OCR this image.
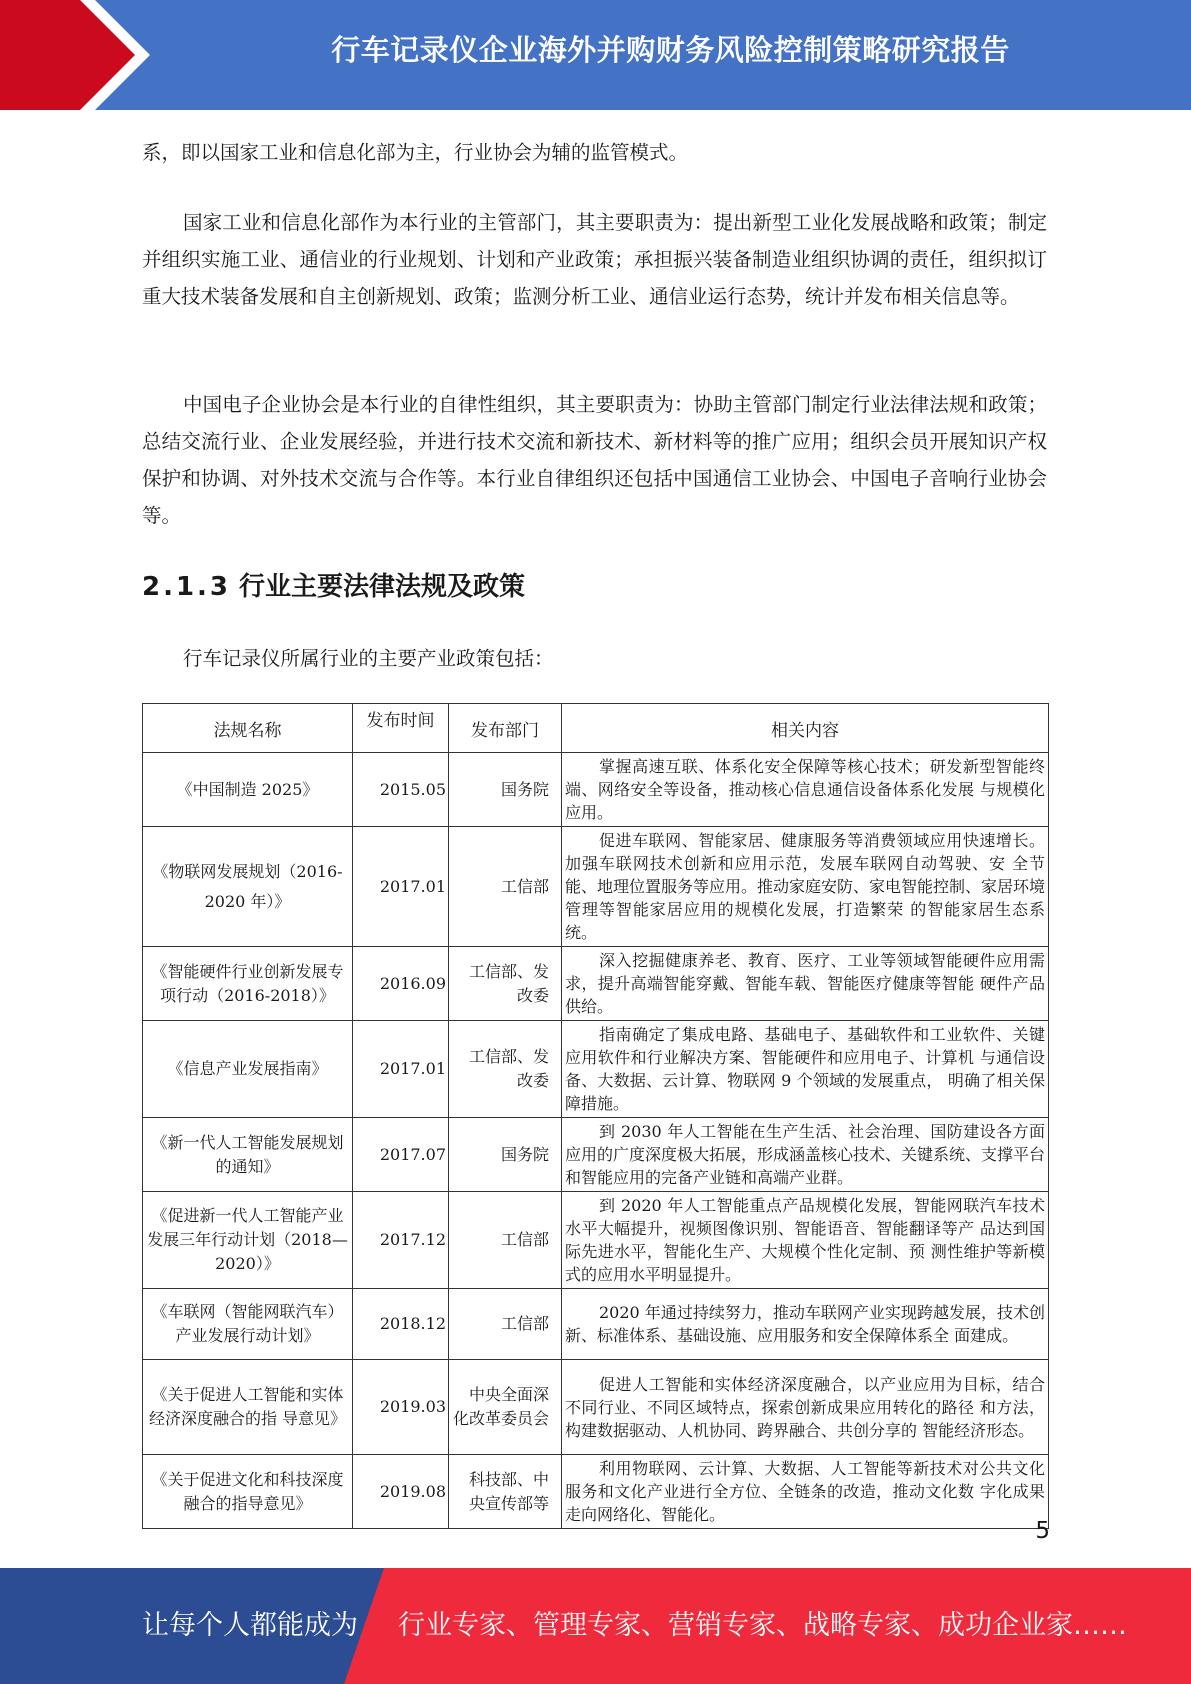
行车记录仪企业海外并购财务风险控制策略研究报告

系，即以国家工业和信息化部为主，行业协会为辅的监管模式。

国家工业和信息化部作为本行业的主管部门，其主要职责为：提出新型工业化发展战略和政策；制定并组织实施工业、通信业的行业规划、计划和产业政策；承担振兴装备制造业组织协调的责任，组织拟订重大技术装备发展和自主创新规划、政策；监测分析工业、通信业运行态势，统计并发布相关信息等。

中国电子企业协会是本行业的自律性组织，其主要职责为：协助主管部门制定行业法律法规和政策；总结交流行业、企业发展经验，并进行技术交流和新技术、新材料等的推广应用；组织会员开展知识产权保护和协调、对外技术交流与合作等。本行业自律组织还包括中国通信工业协会、中国电子音响行业协会等。

2.1.3 行业主要法律法规及政策

行车记录仪所属行业的主要产业政策包括：

法规名称	发布时间	发布部门	相关内容
《中国制造 2025》	2015.05	国务院	掌握高速互联、体系化安全保障等核心技术；研发新型智能终端、网络安全等设备，推动核心信息通信设备体系化发展 与规模化应用。
《物联网发展规划（2016-2020 年）》	2017.01	工信部	促进车联网、智能家居、健康服务等消费领域应用快速增长。 加强车联网技术创新和应用示范，发展车联网自动驾驶、安 全节能、地理位置服务等应用。推动家庭安防、家电智能控制、家居环境管理等智能家居应用的规模化发展，打造繁荣 的智能家居生态系统。
《智能硬件行业创新发展专项行动（2016-2018）》	2016.09	工信部、发 改委	深入挖掘健康养老、教育、医疗、工业等领域智能硬件应用需求，提升高端智能穿戴、智能车载、智能医疗健康等智能 硬件产品供给。
《信息产业发展指南》	2017.01	工信部、发 改委	指南确定了集成电路、基础电子、基础软件和工业软件、关键应用软件和行业解决方案、智能硬件和应用电子、计算机 与通信设备、大数据、云计算、物联网 9 个领域的发展重点， 明确了相关保障措施。
《新一代人工智能发展规划的通知》	2017.07	国务院	到 2030 年人工智能在生产生活、社会治理、国防建设各方面应用的广度深度极大拓展，形成涵盖核心技术、关键系统、支撑平台和智能应用的完备产业链和高端产业群。
《促进新一代人工智能产业发展三年行动计划（2018—2020）》	2017.12	工信部	到 2020 年人工智能重点产品规模化发展，智能网联汽车技术水平大幅提升，视频图像识别、智能语音、智能翻译等产 品达到国际先进水平，智能化生产、大规模个性化定制、预 测性维护等新模式的应用水平明显提升。
《车联网（智能网联汽车）产业发展行动计划》	2018.12	工信部	2020 年通过持续努力，推动车联网产业实现跨越发展，技术创新、标准体系、基础设施、应用服务和安全保障体系全 面建成。
《关于促进人工智能和实体经济深度融合的指 导意见》	2019.03	中央全面深 化改革委员会	促进人工智能和实体经济深度融合，以产业应用为目标，结合不同行业、不同区域特点，探索创新成果应用转化的路径 和方法，构建数据驱动、人机协同、跨界融合、共创分享的 智能经济形态。
《关于促进文化和科技深度融合的指导意见》	2019.08	科技部、中 央宣传部等	利用物联网、云计算、大数据、人工智能等新技术对公共文化服务和文化产业进行全方位、全链条的改造，推动文化数 字化成果走向网络化、智能化。
5
让每个人都能成为 行业专家、管理专家、营销专家、战略专家、成功企业家……
